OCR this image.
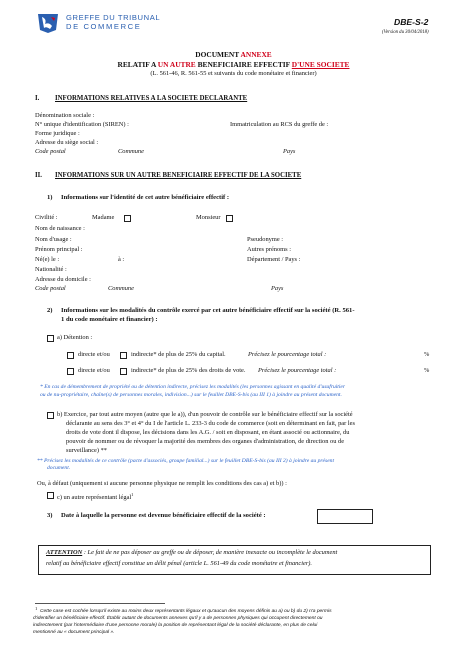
GREFFE DU TRIBUNAL
DE COMMERCE	DBE-S-2
(Version du 30/04/2018)
DOCUMENT ANNEXE
RELATIF A UN AUTRE BENEFICIAIRE EFFECTIF D'UNE SOCIETE
(L. 561-46, R. 561-55 et suivants du code monétaire et financier)
I. INFORMATIONS RELATIVES A LA SOCIETE DECLARANTE
Dénomination sociale :
N° unique d'identification (SIREN) :	Immatriculation au RCS du greffe de :
Forme juridique :
Adresse du siège social :
Code postal	Commune	Pays
II. INFORMATIONS SUR UN AUTRE BENEFICIAIRE EFFECTIF DE LA SOCIETE
1) Informations sur l'identité de cet autre bénéficiaire effectif :
Civilité :	Madame	Monsieur
Nom de naissance :
Nom d'usage :	Pseudonyme :
Prénom principal :	Autres prénoms :
Né(e) le :	à :	Département / Pays :
Nationalité :
Adresse du domicile :
Code postal	Commune	Pays
2) Informations sur les modalités du contrôle exercé par cet autre bénéficiaire effectif sur la société (R. 561-
1 du code monétaire et financier) :
a) Détention :
directe et/ou	indirecte* de plus de 25% du capital.	Précisez le pourcentage total :	%
directe et/ou	indirecte* de plus de 25% des droits de vote. Précisez le pourcentage total :	%
* En cas de démembrement de propriété ou de détention indirecte, précisez les modalités (les personnes agissant en qualité d'usufruitier
ou de nu-propriétaire, chaîne(s) de personnes morales, indivision...) sur le feuillet DBE-S-bis (au III 1) à joindre au présent document.
b) Exercice, par tout autre moyen (autre que le a)), d'un pouvoir de contrôle sur le bénéficiaire effectif sur la société
déclarante au sens des 3° et 4° du I de l'article L. 233-3 du code de commerce (soit en déterminant en fait, par les
droits de vote dont il dispose, les décisions dans les A.G. / soit en disposant, en étant associé ou actionnaire, du
pouvoir de nommer ou de révoquer la majorité des membres des organes d'administration, de direction ou de
surveillance) **
** Précisez les modalités de ce contrôle (pacte d'associés, groupe familial...) sur le feuillet DBE-S-bis (au III 2) à joindre au présent
document.
Ou, à défaut (uniquement si aucune personne physique ne remplit les conditions des cas a) et b)) :
c) un autre représentant légal$^1$
3) Date à laquelle la personne est devenue bénéficiaire effectif de la société :
ATTENTION : Le fait de ne pas déposer au greffe ou de déposer, de manière inexacte ou incomplète le document
relatif au bénéficiaire effectif constitue un délit pénal (article L. 561-49 du code monétaire et financier).
1
Cette case est cochée lorsqu'il existe au moins deux représentants légaux et qu'aucun des moyens définis au a) ou b) du 2) n'a permis
d'identifier un bénéficiaire effectif. Établir autant de documents annexes qu'il y a de personnes physiques qui occupent directement ou
indirectement (par l'intermédiaire d'une personne morale) la position de représentant légal de la société déclarante, en plus de celui
mentionné au « document principal ».
